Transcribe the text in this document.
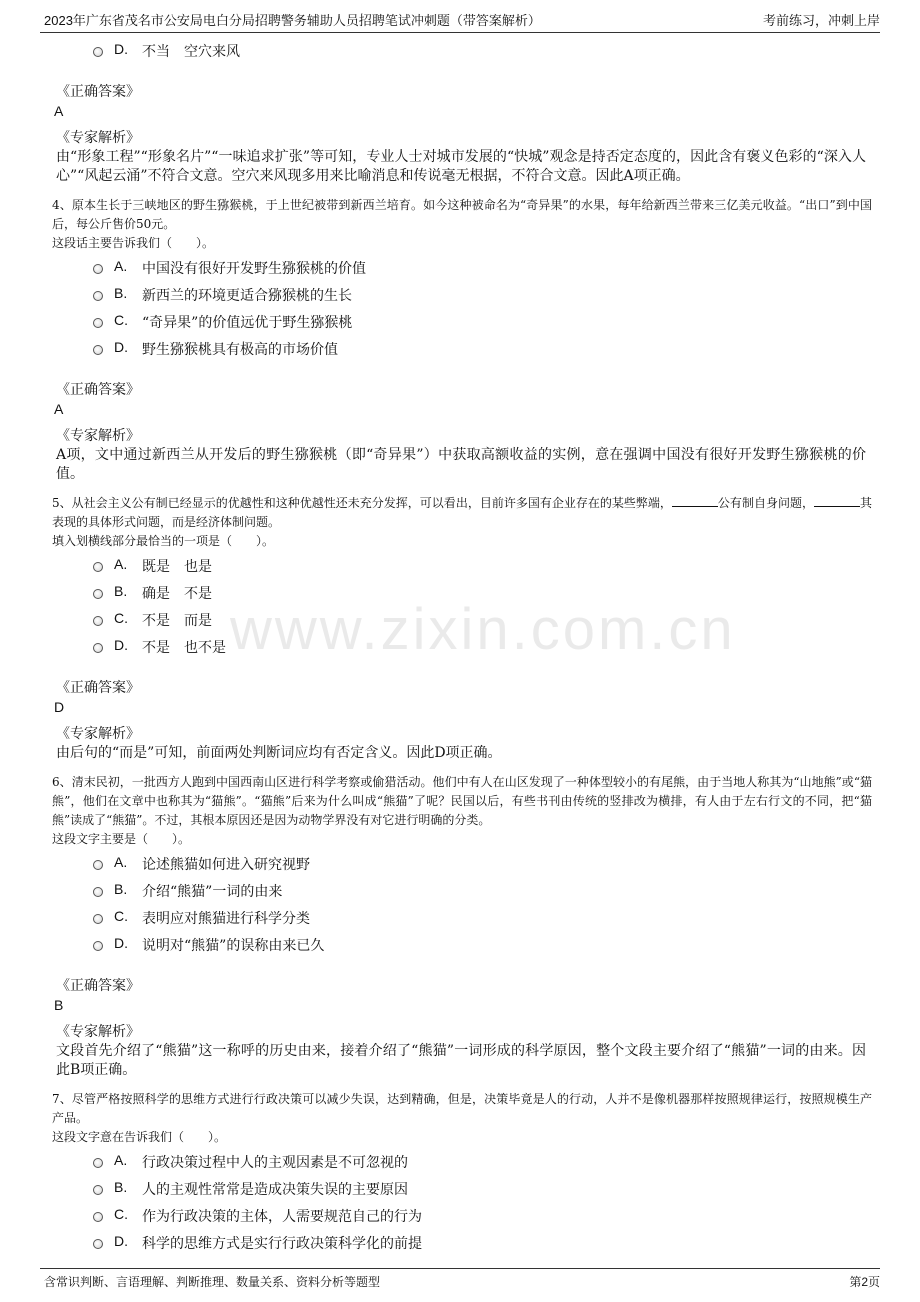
2023年广东省茂名市公安局电白分局招聘警务辅助人员招聘笔试冲刺题（带答案解析）	考前练习，冲刺上岸
D. 不当　空穴来风
《正确答案》
A
《专家解析》
由“形象工程”“形象名片”“一味追求扩张”等可知，专业人士对城市发展的“快城”观念是持否定态度的，因此含有褒义色彩的“深入人心”“风起云涌”不符合文意。空穴来风现多用来比喻消息和传说毫无根据，不符合文意。因此A项正确。
4、原本生长于三峡地区的野生猕猴桃，于上世纪被带到新西兰培育。如今这种被命名为“奇异果”的水果，每年给新西兰带来三亿美元收益。“出口”到中国后，每公斤售价50元。
这段话主要告诉我们（　　）。
A. 中国没有很好开发野生猕猴桃的价值
B. 新西兰的环境更适合猕猴桃的生长
C. “奇异果”的价值远优于野生猕猴桃
D. 野生猕猴桃具有极高的市场价值
《正确答案》
A
《专家解析》
A项，文中通过新西兰从开发后的野生猕猴桃（即“奇异果”）中获取高额收益的实例，意在强调中国没有很好开发野生猕猴桃的价值。
5、从社会主义公有制已经显示的优越性和这种优越性还未充分发挥，可以看出，目前许多国有企业存在的某些弊端，	公有制自身问题，	其表现的具体形式问题，而是经济体制问题。
填入划横线部分最恰当的一项是（　　）。
A. 既是　也是
B. 确是　不是
C. 不是　而是
D. 不是　也不是
《正确答案》
D
《专家解析》
由后句的“而是”可知，前面两处判断词应均有否定含义。因此D项正确。
6、清末民初，一批西方人跑到中国西南山区进行科学考察或偷猎活动。他们中有人在山区发现了一种体型较小的有尾熊，由于当地人称其为“山地熊”或“猫熊”，他们在文章中也称其为“猫熊”。“猫熊”后来为什么叫成“熊猫”了呢？民国以后，有些书刊由传统的竖排改为横排，有人由于左右行文的不同，把“猫熊”读成了“熊猫”。不过，其根本原因还是因为动物学界没有对它进行明确的分类。
这段文字主要是（　　）。
A. 论述熊猫如何进入研究视野
B. 介绍“熊猫”一词的由来
C. 表明应对熊猫进行科学分类
D. 说明对“熊猫”的误称由来已久
《正确答案》
B
《专家解析》
文段首先介绍了“熊猫”这一称呼的历史由来，接着介绍了“熊猫”一词形成的科学原因，整个文段主要介绍了“熊猫”一词的由来。因此B项正确。
7、尽管严格按照科学的思维方式进行行政决策可以减少失误，达到精确，但是，决策毕竟是人的行动，人并不是像机器那样按照规律运行，按照规模生产产品。
这段文字意在告诉我们（　　）。
A. 行政决策过程中人的主观因素是不可忽视的
B. 人的主观性常常是造成决策失误的主要原因
C. 作为行政决策的主体，人需要规范自己的行为
D. 科学的思维方式是实行行政决策科学化的前提
www.zixin.com.cn
含常识判断、言语理解、判断推理、数量关系、资料分析等题型	第2页
